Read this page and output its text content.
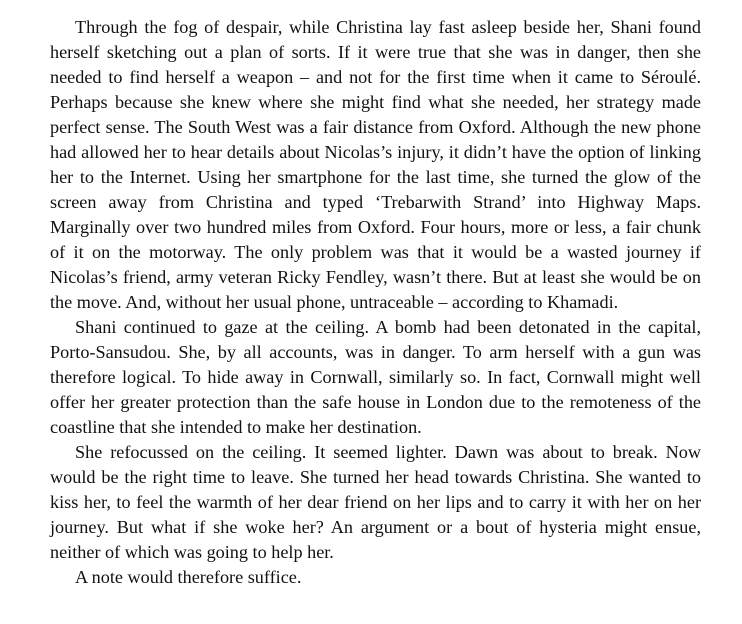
Through the fog of despair, while Christina lay fast asleep beside her, Shani found herself sketching out a plan of sorts. If it were true that she was in danger, then she needed to find herself a weapon – and not for the first time when it came to Séroulé. Perhaps because she knew where she might find what she needed, her strategy made perfect sense. The South West was a fair distance from Oxford. Although the new phone had allowed her to hear details about Nicolas’s injury, it didn’t have the option of linking her to the Internet. Using her smartphone for the last time, she turned the glow of the screen away from Christina and typed ‘Trebarwith Strand’ into Highway Maps. Marginally over two hundred miles from Oxford. Four hours, more or less, a fair chunk of it on the motorway. The only problem was that it would be a wasted journey if Nicolas’s friend, army veteran Ricky Fendley, wasn’t there. But at least she would be on the move. And, without her usual phone, untraceable – according to Khamadi.

Shani continued to gaze at the ceiling. A bomb had been detonated in the capital, Porto-Sansudou. She, by all accounts, was in danger. To arm herself with a gun was therefore logical. To hide away in Cornwall, similarly so. In fact, Cornwall might well offer her greater protection than the safe house in London due to the remoteness of the coastline that she intended to make her destination.

She refocussed on the ceiling. It seemed lighter. Dawn was about to break. Now would be the right time to leave. She turned her head towards Christina. She wanted to kiss her, to feel the warmth of her dear friend on her lips and to carry it with her on her journey. But what if she woke her? An argument or a bout of hysteria might ensue, neither of which was going to help her.

A note would therefore suffice.
